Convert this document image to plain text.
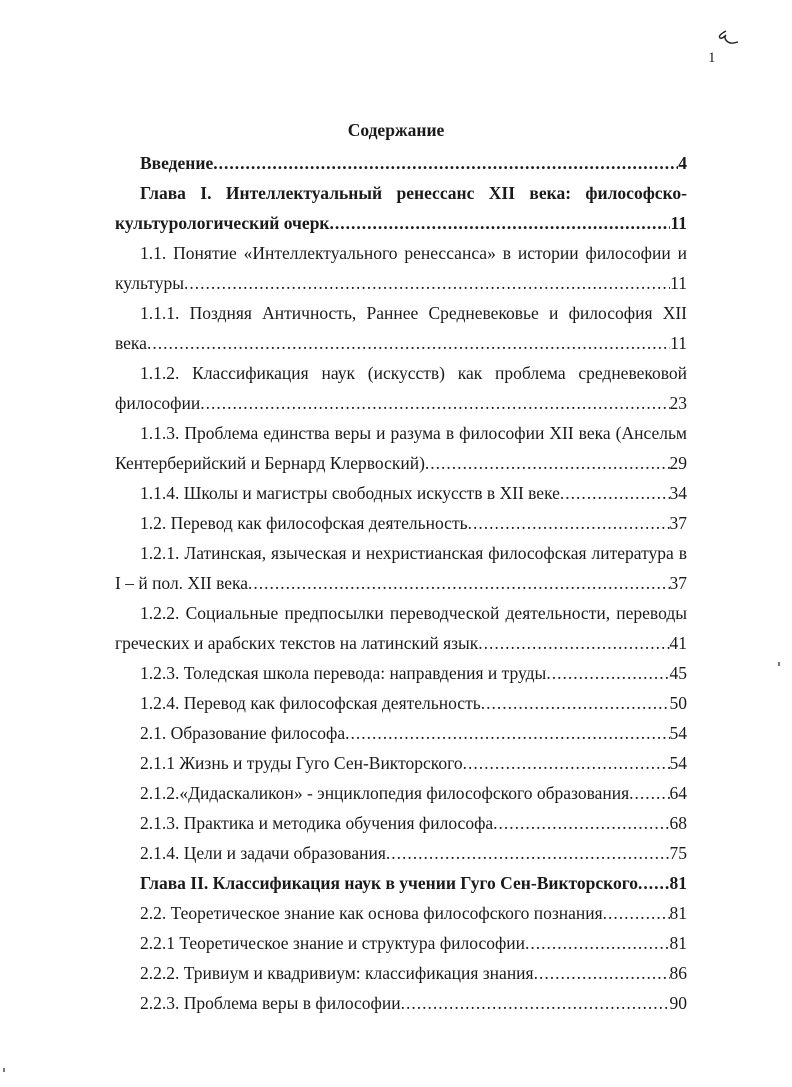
1
Содержание
Введение .....	4
Глава I. Интеллектуальный ренессанс XII века: философско-
культурологический очерк .....	11
1.1. Понятие «Интеллектуального ренессанса» в истории философии и
культуры .....	11
1.1.1. Поздняя Античность, Раннее Средневековье и философия XII
века .....	11
1.1.2. Классификация наук (искусств) как проблема средневековой
философии .....	23
1.1.3. Проблема единства веры и разума в философии XII века (Ансельм
Кентерберийский и Бернард Клервоский) .....	29
1.1.4. Школы и магистры свободных искусств в XII веке .....	34
1.2. Перевод как философская деятельность .....	37
1.2.1. Латинская, языческая и нехристианская философская литература в
I – й пол. XII века .....	37
1.2.2. Социальные предпосылки переводческой деятельности, переводы
греческих и арабских текстов на латинский язык .....	41
1.2.3. Толедская школа перевода: направдения и труды .....	45
1.2.4. Перевод как философская деятельность .....	50
2.1. Образование философа .....	54
2.1.1 Жизнь и труды Гуго Сен-Викторского .....	54
2.1.2.«Дидаскаликон» - энциклопедия философского образования ..... 64
2.1.3. Практика и методика обучения философа .....	68
2.1.4. Цели и задачи образования .....	75
Глава II. Классификация наук в учении Гуго Сен-Викторского ..... 81
2.2. Теоретическое знание как основа философского познания .....	81
2.2.1 Теоретическое знание и структура философии .....	81
2.2.2. Тривиум и квадривиум: классификация знания .....	86
2.2.3. Проблема веры в философии .....	90
